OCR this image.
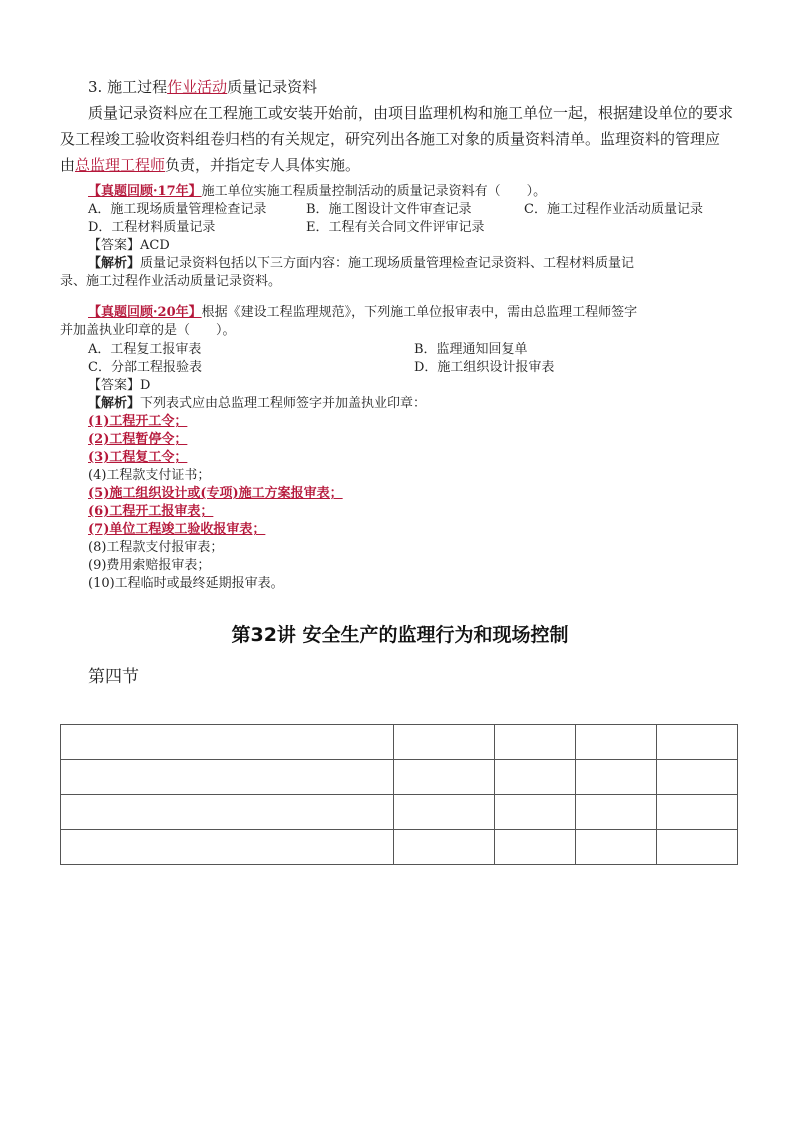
3. 施工过程作业活动质量记录资料
质量记录资料应在工程施工或安装开始前，由项目监理机构和施工单位一起，根据建设单位的要求
及工程竣工验收资料组卷归档的有关规定，研究列出各施工对象的质量资料清单。监理资料的管理应
由总监理工程师负责，并指定专人具体实施。
【真题回顾·17年】施工单位实施工程质量控制活动的质量记录资料有（　　）。
A．施工现场质量管理检查记录	B．施工图设计文件审查记录	C．施工过程作业活动质量记录
D．工程材料质量记录	E．工程有关合同文件评审记录
【答案】ACD
【解析】质量记录资料包括以下三方面内容：施工现场质量管理检查记录资料、工程材料质量记
录、施工过程作业活动质量记录资料。
【真题回顾·20年】根据《建设工程监理规范》，下列施工单位报审表中，需由总监理工程师签字
并加盖执业印章的是（　　）。
A．工程复工报审表	B．监理通知回复单
C．分部工程报验表	D．施工组织设计报审表
【答案】D
【解析】下列表式应由总监理工程师签字并加盖执业印章：
(1)工程开工令；
(2)工程暂停令；
(3)工程复工令；
(4)工程款支付证书；
(5)施工组织设计或(专项)施工方案报审表；
(6)工程开工报审表；
(7)单位工程竣工验收报审表；
(8)工程款支付报审表；
(9)费用索赔报审表；
(10)工程临时或最终延期报审表。
第32讲 安全生产的监理行为和现场控制
第四节
